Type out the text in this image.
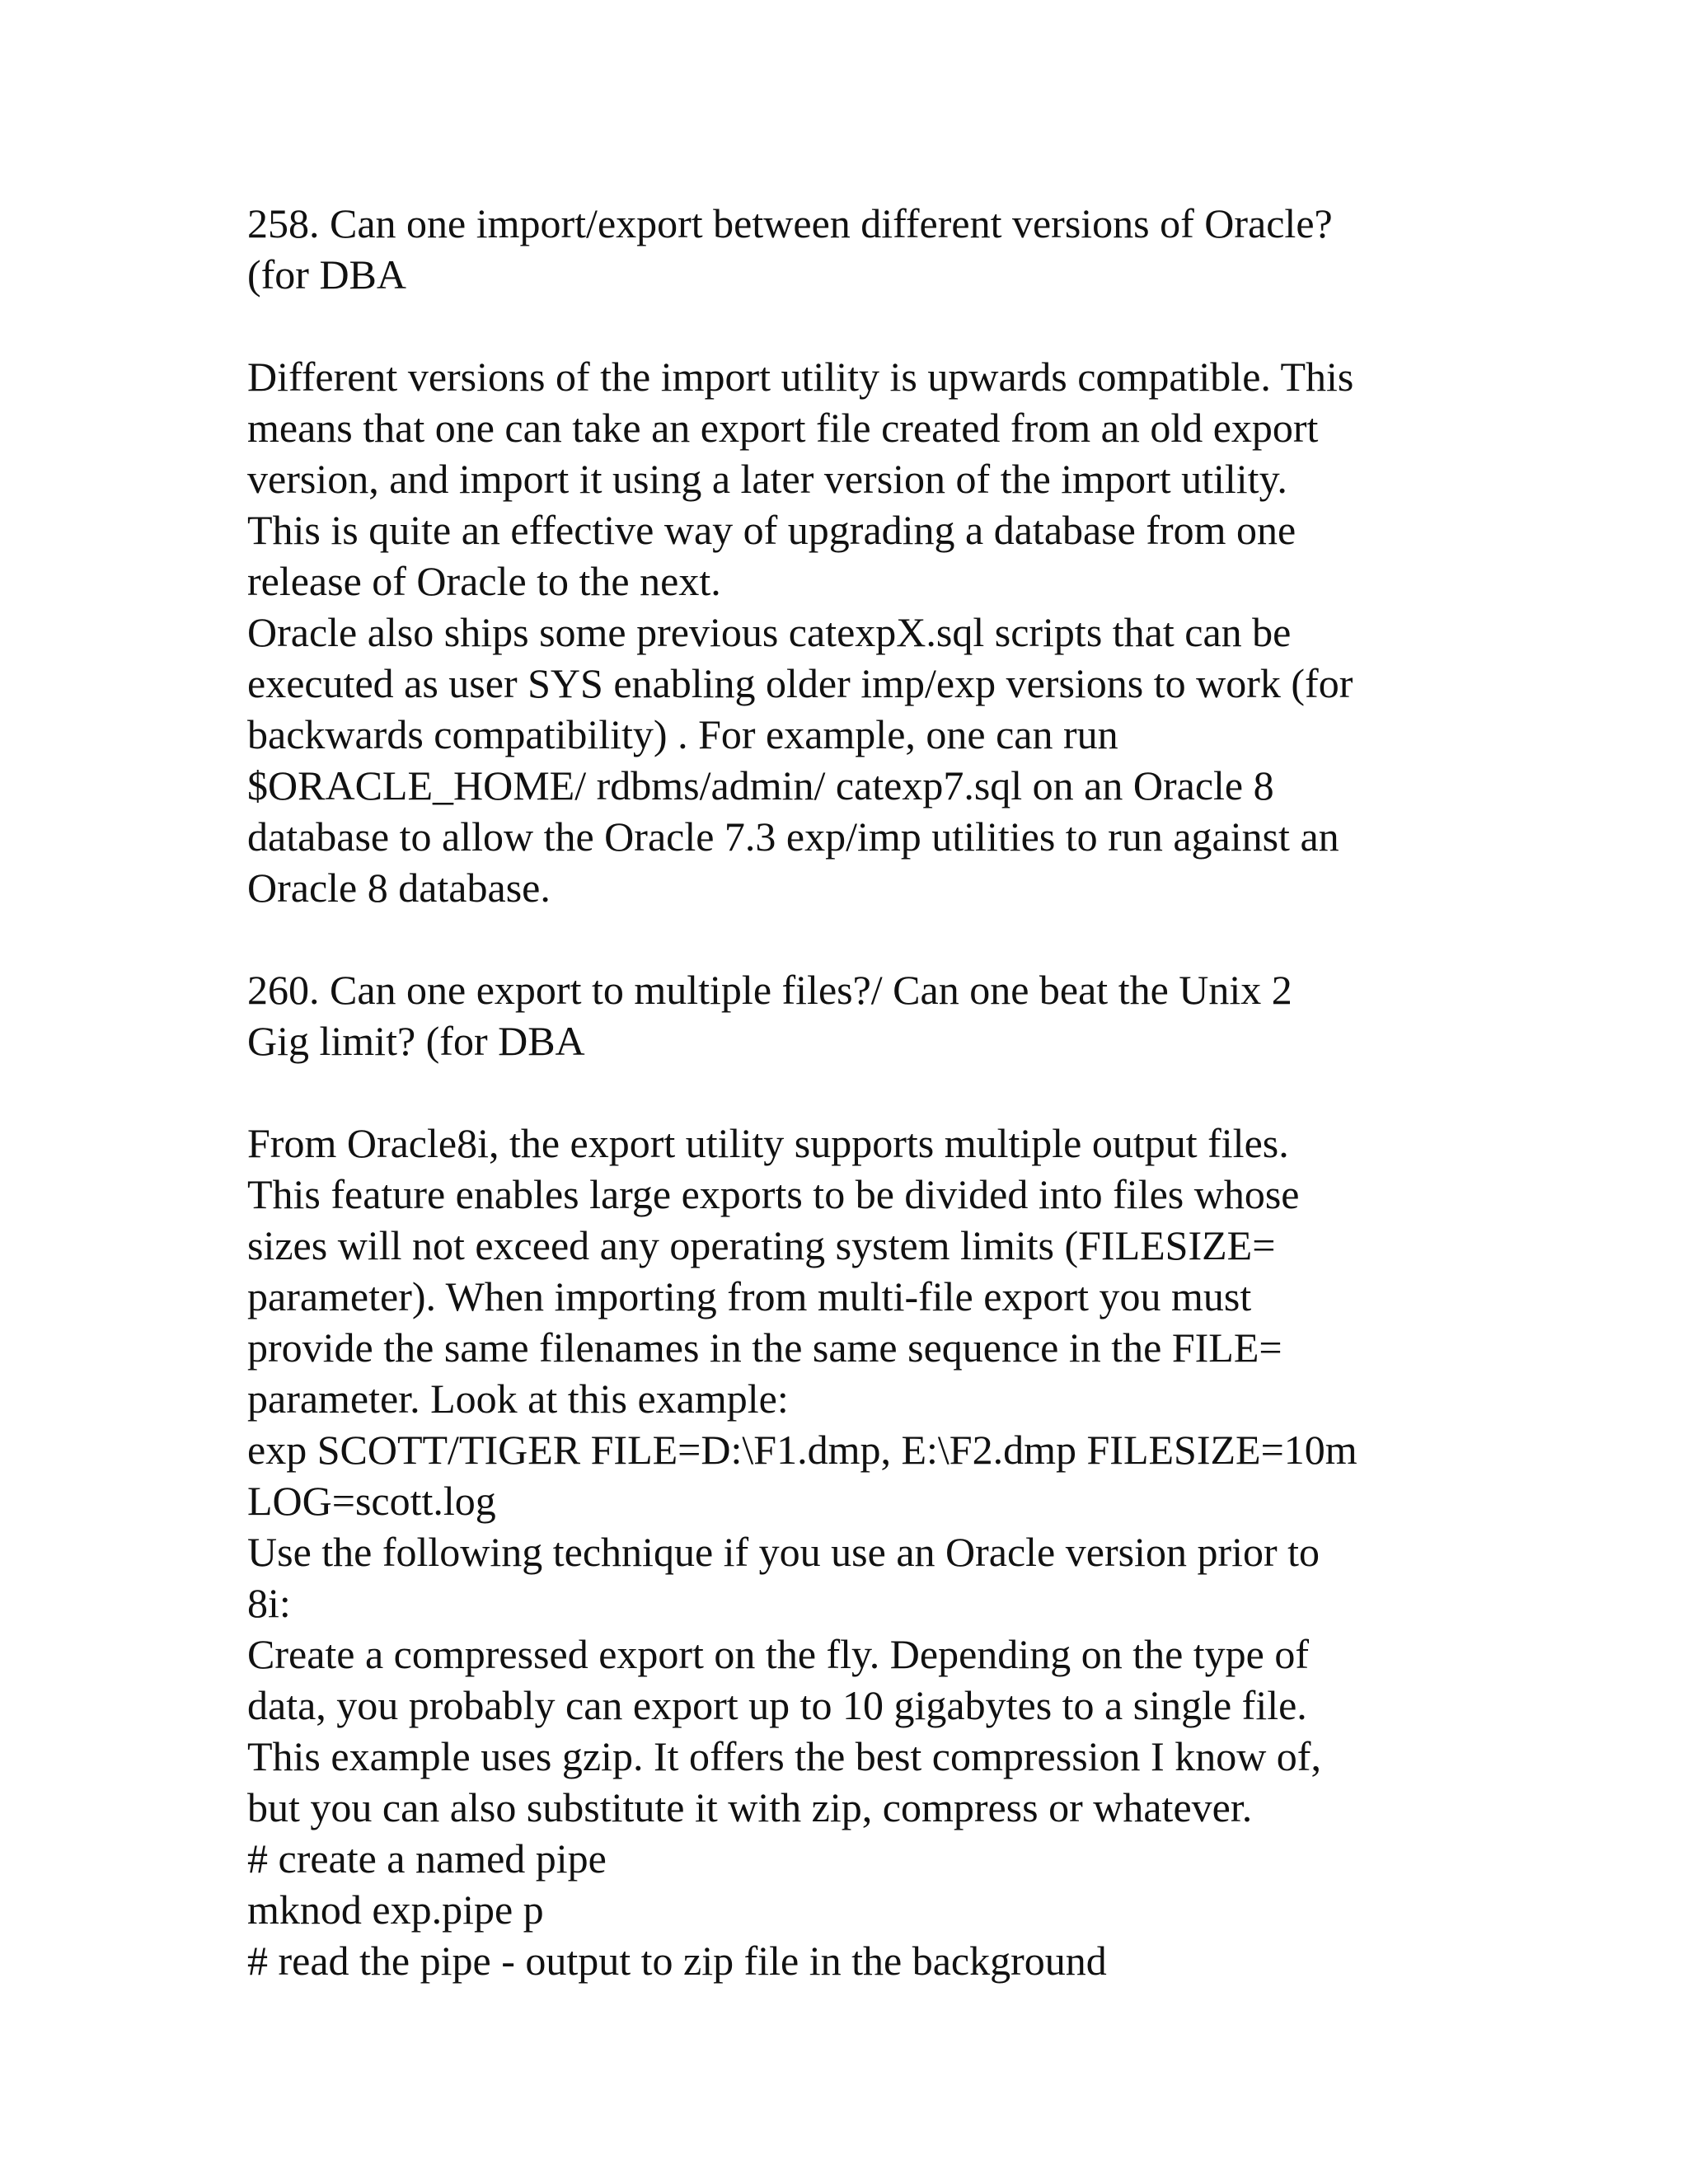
258. Can one import/export between different versions of Oracle?
(for DBA
Different versions of the import utility is upwards compatible. This
means that one can take an export file created from an old export
version, and import it using a later version of the import utility.
This is quite an effective way of upgrading a database from one
release of Oracle to the next.
Oracle also ships some previous catexpX.sql scripts that can be
executed as user SYS enabling older imp/exp versions to work (for
backwards compatibility) . For example, one can run
$ORACLE_HOME/ rdbms/admin/ catexp7.sql on an Oracle 8
database to allow the Oracle 7.3 exp/imp utilities to run against an
Oracle 8 database.
260. Can one export to multiple files?/ Can one beat the Unix 2
Gig limit? (for DBA
From Oracle8i, the export utility supports multiple output files.
This feature enables large exports to be divided into files whose
sizes will not exceed any operating system limits (FILESIZE=
parameter). When importing from multi-file export you must
provide the same filenames in the same sequence in the FILE=
parameter. Look at this example:
exp SCOTT/TIGER FILE=D:\F1.dmp, E:\F2.dmp FILESIZE=10m
LOG=scott.log
Use the following technique if you use an Oracle version prior to
8i:
Create a compressed export on the fly. Depending on the type of
data, you probably can export up to 10 gigabytes to a single file.
This example uses gzip. It offers the best compression I know of,
but you can also substitute it with zip, compress or whatever.
# create a named pipe
mknod exp.pipe p
# read the pipe - output to zip file in the background
